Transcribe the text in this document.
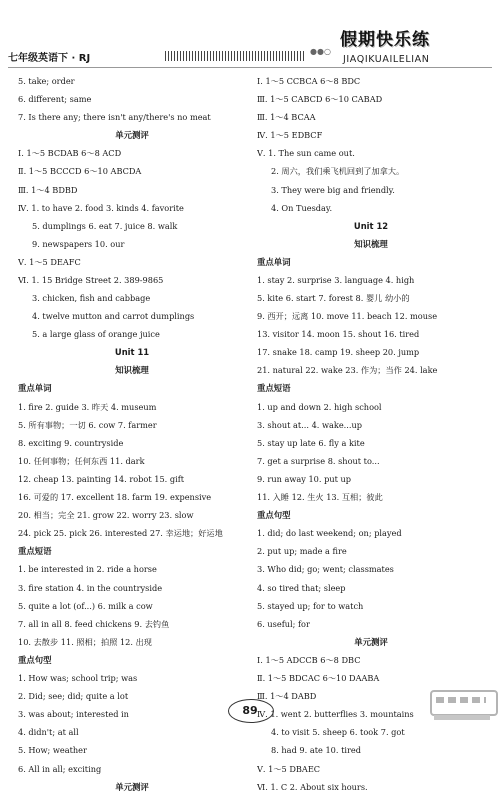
七年级英语下 · RJ
●●○
假期快乐练
JIAQIKUAILELIAN
5. take; order
6. different; same
7. Is there any; there isn't any/there's no meat
单元测评
Ⅰ. 1～5 BCDAB 6～8 ACD
Ⅱ. 1～5 BCCCD 6～10 ABCDA
Ⅲ. 1～4 BDBD
Ⅳ. 1. to have 2. food 3. kinds 4. favorite
5. dumplings 6. eat 7. juice 8. walk
9. newspapers 10. our
Ⅴ. 1～5 DEAFC
Ⅵ. 1. 15 Bridge Street 2. 389-9865
3. chicken, fish and cabbage
4. twelve mutton and carrot dumplings
5. a large glass of orange juice
Unit 11
知识梳理
重点单词
1. fire 2. guide 3. 昨天 4. museum
5. 所有事物；一切 6. cow 7. farmer
8. exciting 9. countryside
10. 任何事物；任何东西 11. dark
12. cheap 13. painting 14. robot 15. gift
16. 可爱的 17. excellent 18. farm 19. expensive
20. 相当；完全 21. grow 22. worry 23. slow
24. pick 25. pick 26. interested 27. 幸运地；好运地
重点短语
1. be interested in 2. ride a horse
3. fire station 4. in the countryside
5. quite a lot (of...) 6. milk a cow
7. all in all 8. feed chickens 9. 去钓鱼
10. 去散步 11. 照相；拍照 12. 出现
重点句型
1. How was; school trip; was
2. Did; see; did; quite a lot
3. was about; interested in
4. didn't; at all
5. How; weather
6. All in all; exciting
单元测评
Ⅰ. 1～5 CCBCA 6～8 BDC
Ⅲ. 1～5 CABCD 6～10 CABAD
Ⅲ. 1～4 BCAA
Ⅳ. 1～5 EDBCF
Ⅴ. 1. The sun came out.
2. 周六，我们乘飞机回到了加拿大。
3. They were big and friendly.
4. On Tuesday.
Unit 12
知识梳理
重点单词
1. stay 2. surprise 3. language 4. high
5. kite 6. start 7. forest 8. 婴儿 幼小的
9. 西开；远离 10. move 11. beach 12. mouse
13. visitor 14. moon 15. shout 16. tired
17. snake 18. camp 19. sheep 20. jump
21. natural 22. wake 23. 作为；当作 24. lake
重点短语
1. up and down 2. high school
3. shout at... 4. wake...up
5. stay up late 6. fly a kite
7. get a surprise 8. shout to...
9. run away 10. put up
11. 入睡 12. 生火 13. 互相；彼此
重点句型
1. did; do last weekend; on; played
2. put up; made a fire
3. Who did; go; went; classmates
4. so tired that; sleep
5. stayed up; for to watch
6. useful; for
单元测评
Ⅰ. 1～5 ADCCB 6～8 DBC
Ⅱ. 1～5 BDCAC 6～10 DAABA
Ⅲ. 1～4 DABD
Ⅳ. 1. went 2. butterflies 3. mountains
4. to visit 5. sheep 6. took 7. got
8. had 9. ate 10. tired
Ⅴ. 1～5 DBAEC
Ⅵ. 1. C 2. About six hours.
89
